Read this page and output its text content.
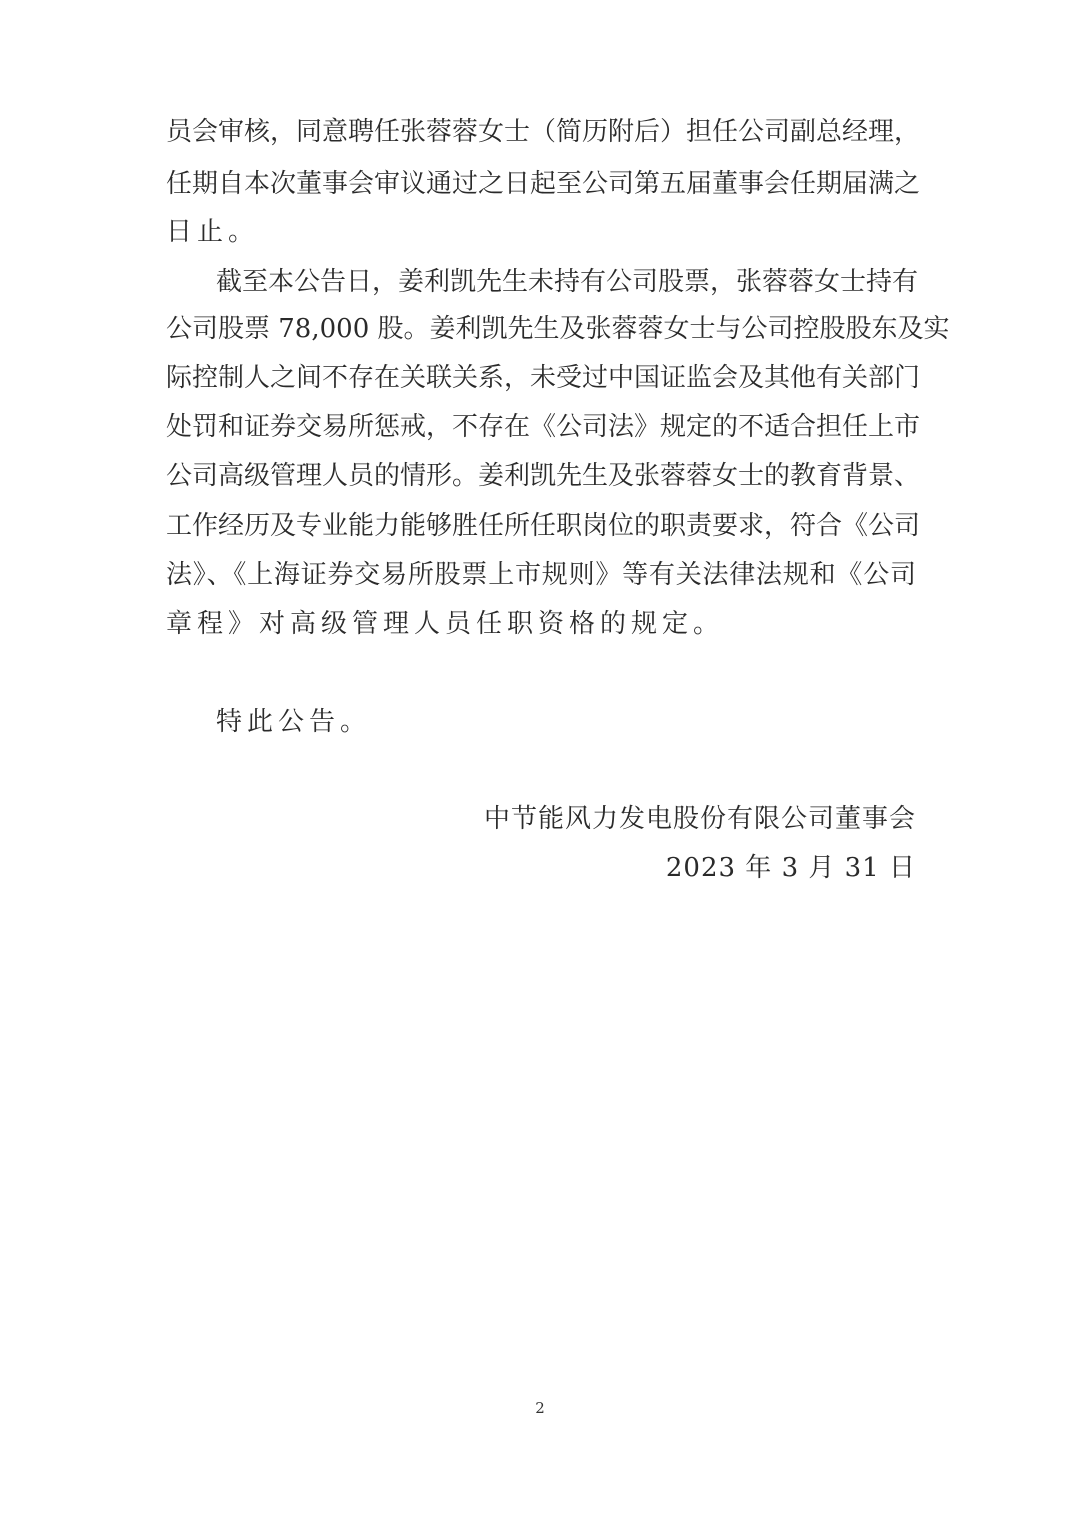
员会审核，同意聘任张蓉蓉女士（简历附后）担任公司副总经理，
任期自本次董事会审议通过之日起至公司第五届董事会任期届满之
日止。
截至本公告日，姜利凯先生未持有公司股票，张蓉蓉女士持有
公司股票 78,000 股。姜利凯先生及张蓉蓉女士与公司控股股东及实
际控制人之间不存在关联关系，未受过中国证监会及其他有关部门
处罚和证券交易所惩戒，不存在《公司法》规定的不适合担任上市
公司高级管理人员的情形。姜利凯先生及张蓉蓉女士的教育背景、
工作经历及专业能力能够胜任所任职岗位的职责要求，符合《公司
法》、《上海证券交易所股票上市规则》等有关法律法规和《公司
章程》对高级管理人员任职资格的规定。
特此公告。
中节能风力发电股份有限公司董事会
2023 年 3 月 31 日
2
